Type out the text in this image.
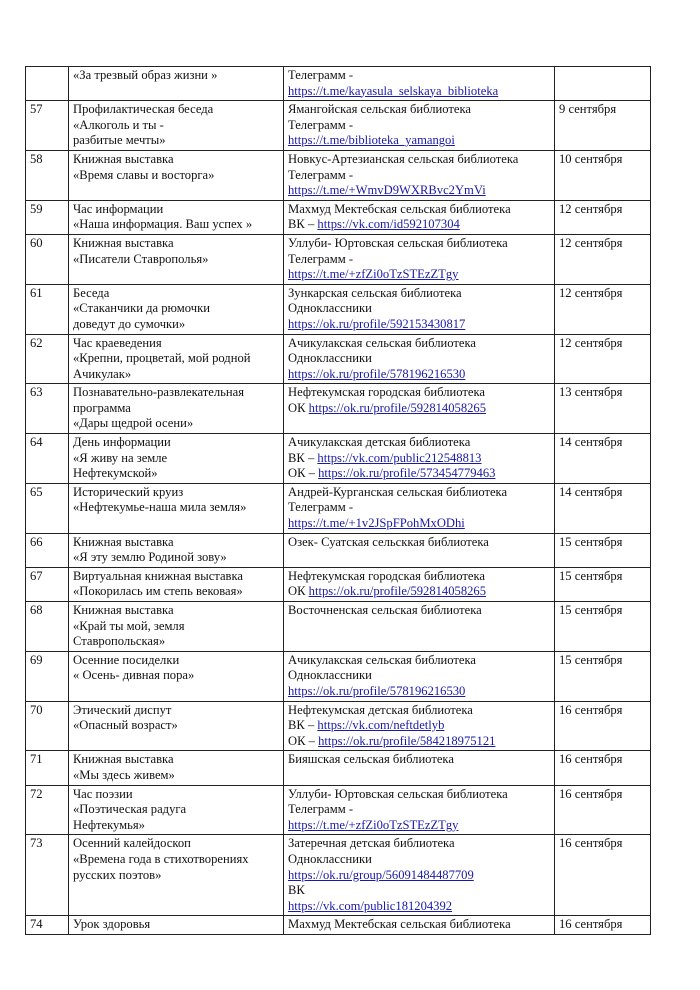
	«За трезвый образ жизни »	Телеграмм -
https://t.me/kayasula_selskaya_biblioteka	

57	Профилактическая беседа
«Алкоголь и ты -
разбитые мечты»	Ямангойская сельская библиотека
Телеграмм -
https://t.me/biblioteka_yamangoi	9 сентября
58	Книжная выставка
«Время славы и восторга»	Новкус-Артезианская сельская библиотека
Телеграмм -
https://t.me/+WmvD9WXRBvc2YmVi	10 сентября
59	Час информации
«Наша информация. Ваш успех »	Махмуд Мектебская сельская библиотека
ВК – https://vk.com/id592107304	12 сентября
60	Книжная выставка
«Писатели Ставрополья»	Уллуби- Юртовская сельская библиотека
Телеграмм -
https://t.me/+zfZi0oTzSTEzZTgy	12 сентября
61	Беседа
«Стаканчики да рюмочки
доведут до сумочки»	Зункарская сельская библиотека
Одноклассники
https://ok.ru/profile/592153430817	12 сентября
62	Час краеведения
«Крепни, процветай, мой родной
Ачикулак»	Ачикулакская сельская библиотека
Одноклассники
https://ok.ru/profile/578196216530	12 сентября
63	Познавательно-развлекательная
программа
«Дары щедрой осени»	Нефтекумская городская библиотека
ОК https://ok.ru/profile/592814058265	13 сентября
64	День информации
«Я живу на земле
Нефтекумской»	Ачикулакская детская библиотека
ВК – https://vk.com/public212548813
ОК – https://ok.ru/profile/573454779463	14 сентября
65	Исторический круиз
«Нефтекумье-наша мила земля»	Андрей-Курганская сельская библиотека
Телеграмм -
https://t.me/+1v2JSpFPohMxODhi	14 сентября
66	Книжная выставка
«Я эту землю Родиной зову»	Озек- Суатская сельсккая библиотека	15 сентября
67	Виртуальная книжная выставка
«Покорилась им степь вековая»	Нефтекумская городская библиотека
ОК https://ok.ru/profile/592814058265	15 сентября
68	Книжная выставка
«Край ты мой, земля
Ставропольская»	Восточненская сельская библиотека	15 сентября
69	Осенние посиделки
« Осень- дивная пора»	Ачикулакская сельская библиотека
Одноклассники
https://ok.ru/profile/578196216530	15 сентября
70	Этический диспут
«Опасный возраст»	Нефтекумская детская библиотека
ВК – https://vk.com/neftdetlyb
ОК – https://ok.ru/profile/584218975121	16 сентября
71	Книжная выставка
«Мы здесь живем»	Бияшская сельская библиотека	16 сентября
72	Час поэзии
«Поэтическая радуга
Нефтекумья»	Уллуби- Юртовская сельская библиотека
Телеграмм -
https://t.me/+zfZi0oTzSTEzZTgy	16 сентября
73	Осенний калейдоскоп
«Времена года в стихотворениях
русских поэтов»	Затеречная детская библиотека
Одноклассники
https://ok.ru/group/56091484487709
ВК
https://vk.com/public181204392	16 сентября
74	Урок здоровья	Махмуд Мектебская сельская библиотека	16 сентября
